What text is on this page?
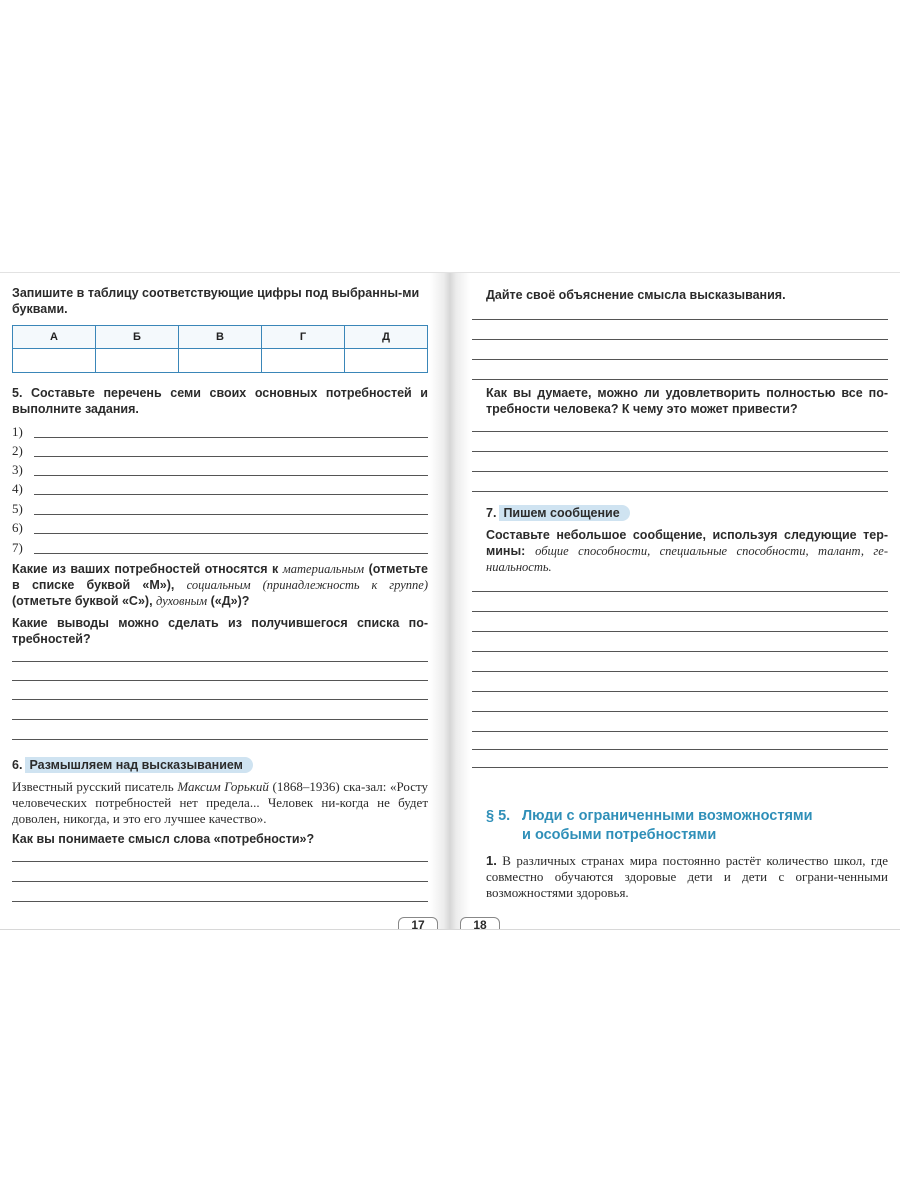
Запишите в таблицу соответствующие цифры под выбранны-ми буквами.
А	Б	В	Г	Д

5. Составьте перечень семи своих основных потребностей и выполните задания.
1)
2)
3)
4)
5)
6)
7)
Какие из ваших потребностей относятся к материальным (отметьте в списке буквой «М»), социальным (принадлежность к группе) (отметьте буквой «С»), духовным («Д»)?
Какие выводы можно сделать из получившегося списка по-требностей?
6. Размышляем над высказыванием
Известный русский писатель Максим Горький (1868–1936) ска-зал: «Росту человеческих потребностей нет предела... Человек ни-когда не будет доволен, никогда, и это его лучшее качество».
Как вы понимаете смысл слова «потребности»?
Дайте своё объяснение смысла высказывания.
Как вы думаете, можно ли удовлетворить полностью все по-требности человека? К чему это может привести?
7. Пишем сообщение
Составьте небольшое сообщение, используя следующие тер-мины: общие способности, специальные способности, талант, ге-ниальность.
§ 5. Люди с ограниченными возможностями
и особыми потребностями
1. В различных странах мира постоянно растёт количество школ, где совместно обучаются здоровые дети и дети с ограни-ченными возможностями здоровья.
17	18
